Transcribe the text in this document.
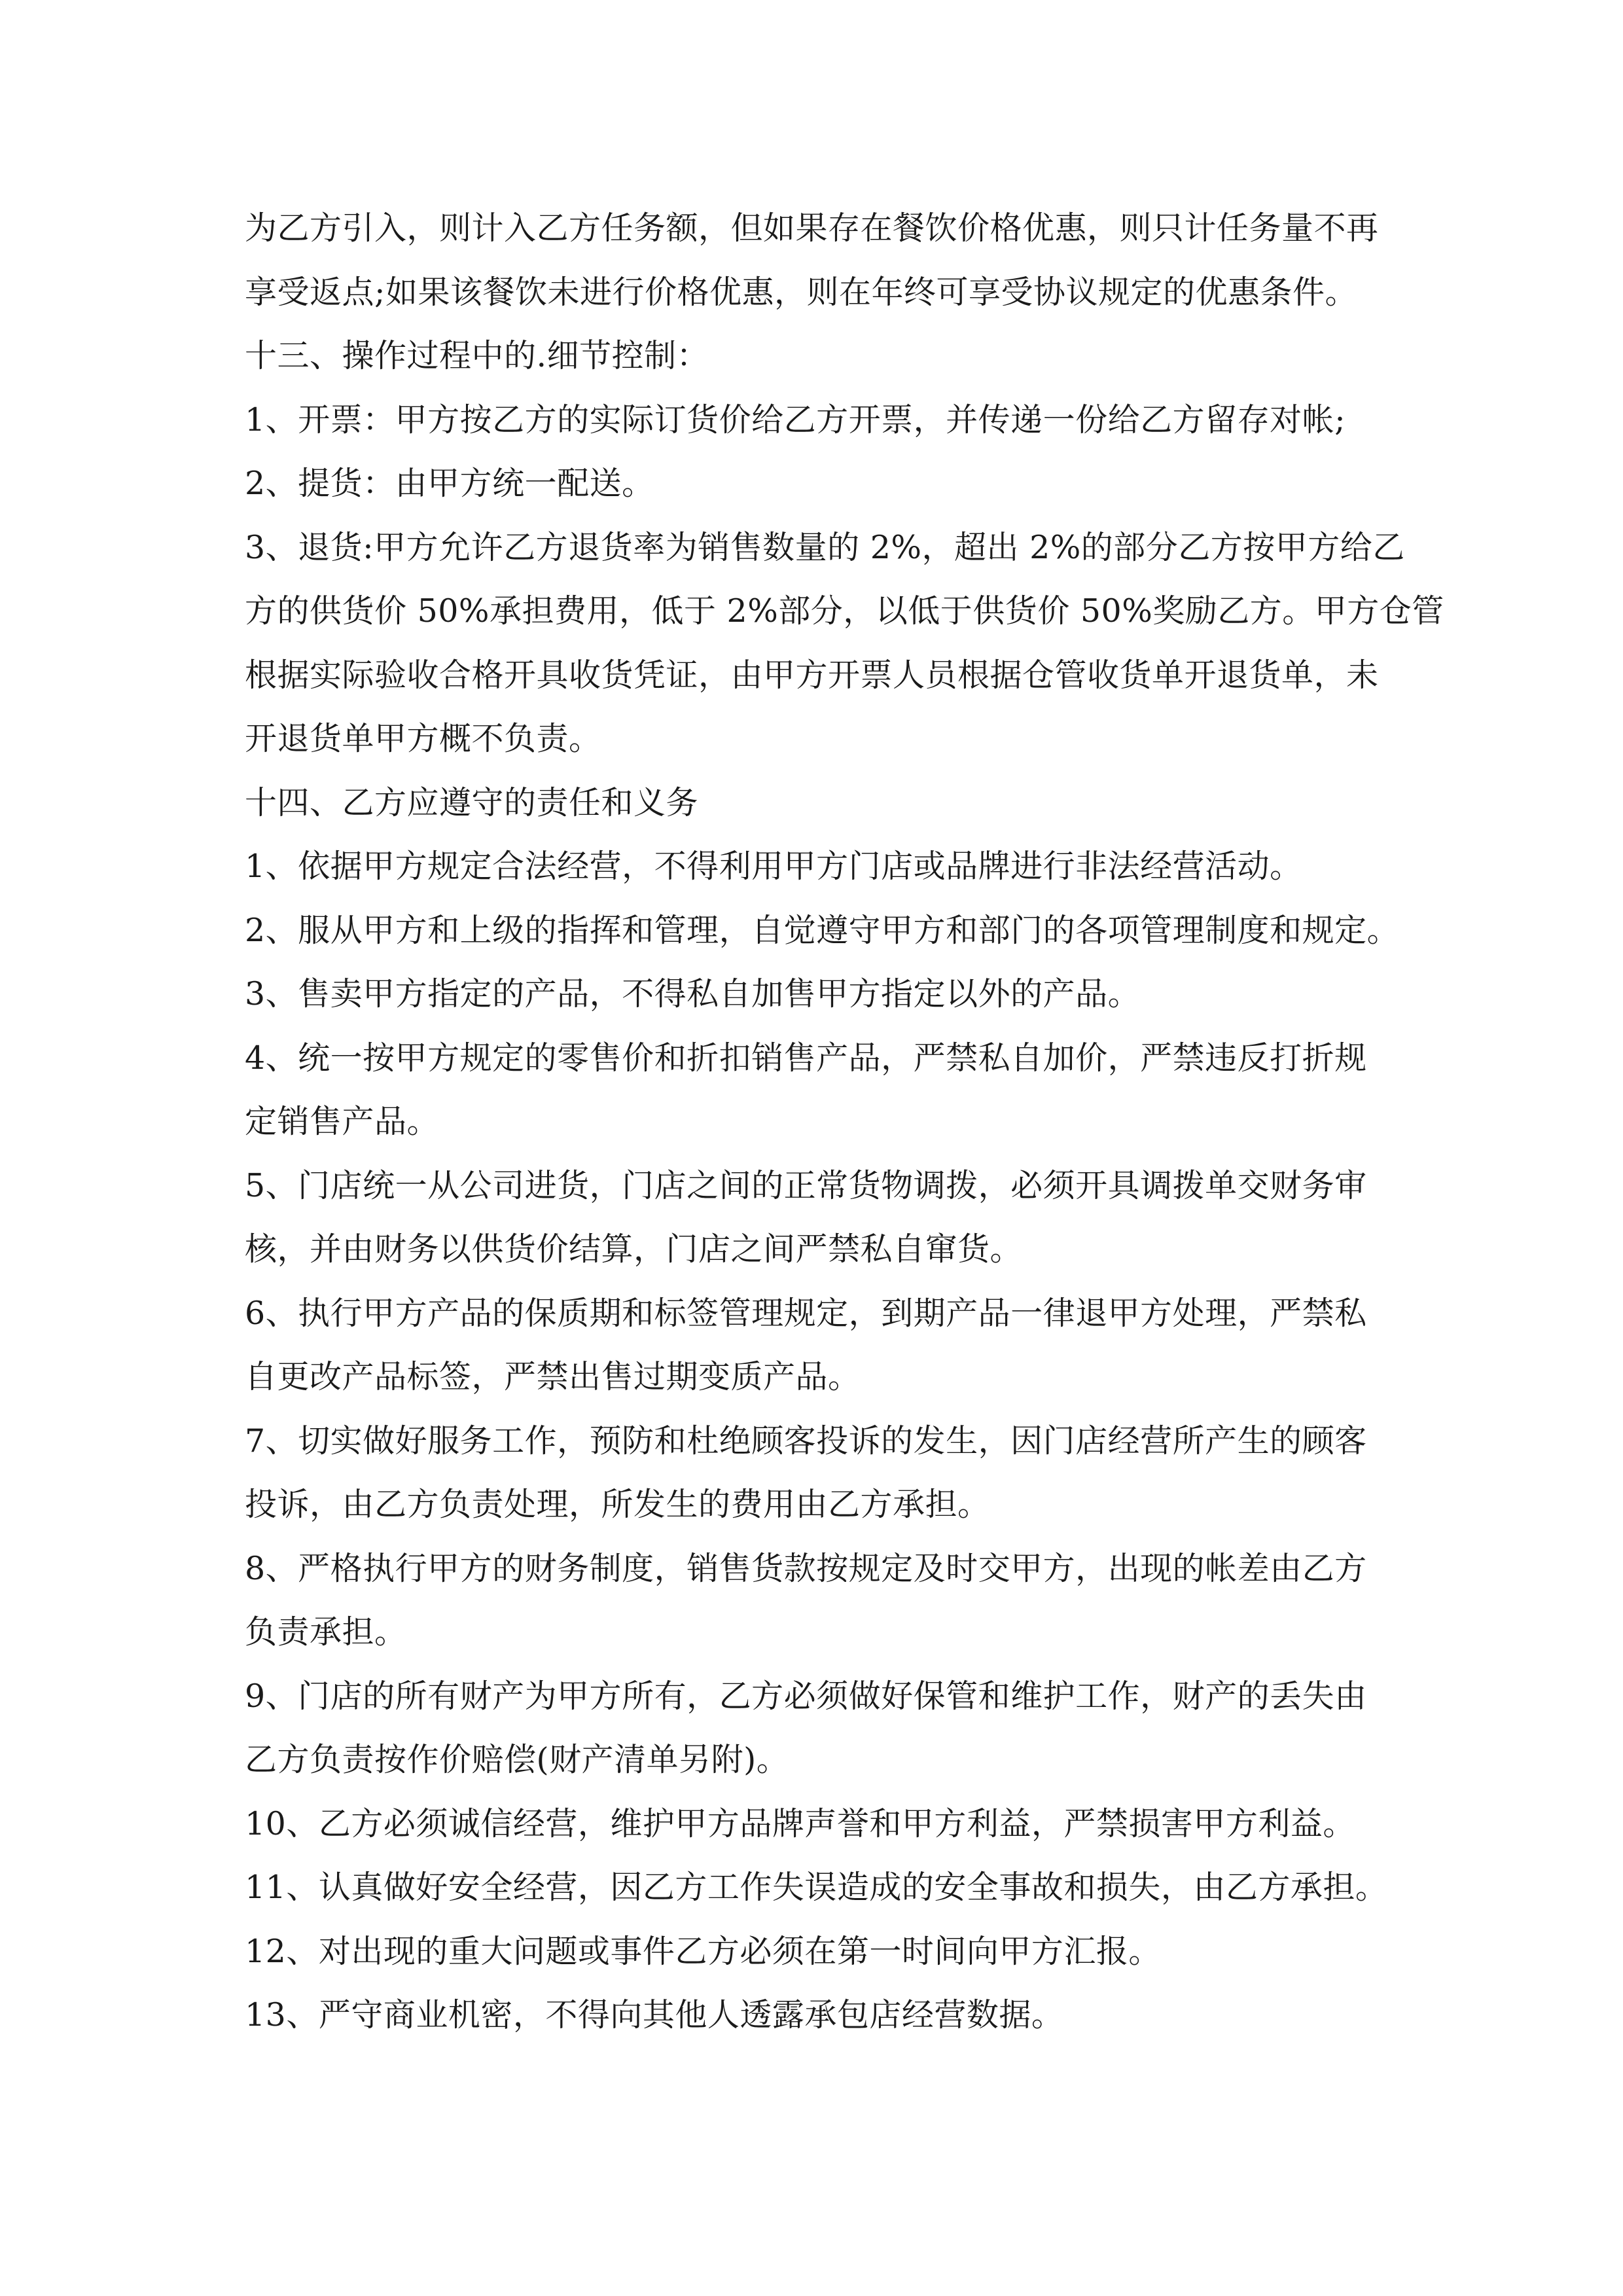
为乙方引入，则计入乙方任务额，但如果存在餐饮价格优惠，则只计任务量不再
享受返点;如果该餐饮未进行价格优惠，则在年终可享受协议规定的优惠条件。
十三、操作过程中的.细节控制：
1、开票：甲方按乙方的实际订货价给乙方开票，并传递一份给乙方留存对帐;
2、提货：由甲方统一配送。
3、退货:甲方允许乙方退货率为销售数量的 2%，超出 2%的部分乙方按甲方给乙
方的供货价 50%承担费用，低于 2%部分，以低于供货价 50%奖励乙方。甲方仓管
根据实际验收合格开具收货凭证，由甲方开票人员根据仓管收货单开退货单，未
开退货单甲方概不负责。
十四、乙方应遵守的责任和义务
1、依据甲方规定合法经营，不得利用甲方门店或品牌进行非法经营活动。
2、服从甲方和上级的指挥和管理，自觉遵守甲方和部门的各项管理制度和规定。
3、售卖甲方指定的产品，不得私自加售甲方指定以外的产品。
4、统一按甲方规定的零售价和折扣销售产品，严禁私自加价，严禁违反打折规
定销售产品。
5、门店统一从公司进货，门店之间的正常货物调拨，必须开具调拨单交财务审
核，并由财务以供货价结算，门店之间严禁私自窜货。
6、执行甲方产品的保质期和标签管理规定，到期产品一律退甲方处理，严禁私
自更改产品标签，严禁出售过期变质产品。
7、切实做好服务工作，预防和杜绝顾客投诉的发生，因门店经营所产生的顾客
投诉，由乙方负责处理，所发生的费用由乙方承担。
8、严格执行甲方的财务制度，销售货款按规定及时交甲方，出现的帐差由乙方
负责承担。
9、门店的所有财产为甲方所有，乙方必须做好保管和维护工作，财产的丢失由
乙方负责按作价赔偿(财产清单另附)。
10、乙方必须诚信经营，维护甲方品牌声誉和甲方利益，严禁损害甲方利益。
11、认真做好安全经营，因乙方工作失误造成的安全事故和损失，由乙方承担。
12、对出现的重大问题或事件乙方必须在第一时间向甲方汇报。
13、严守商业机密，不得向其他人透露承包店经营数据。
